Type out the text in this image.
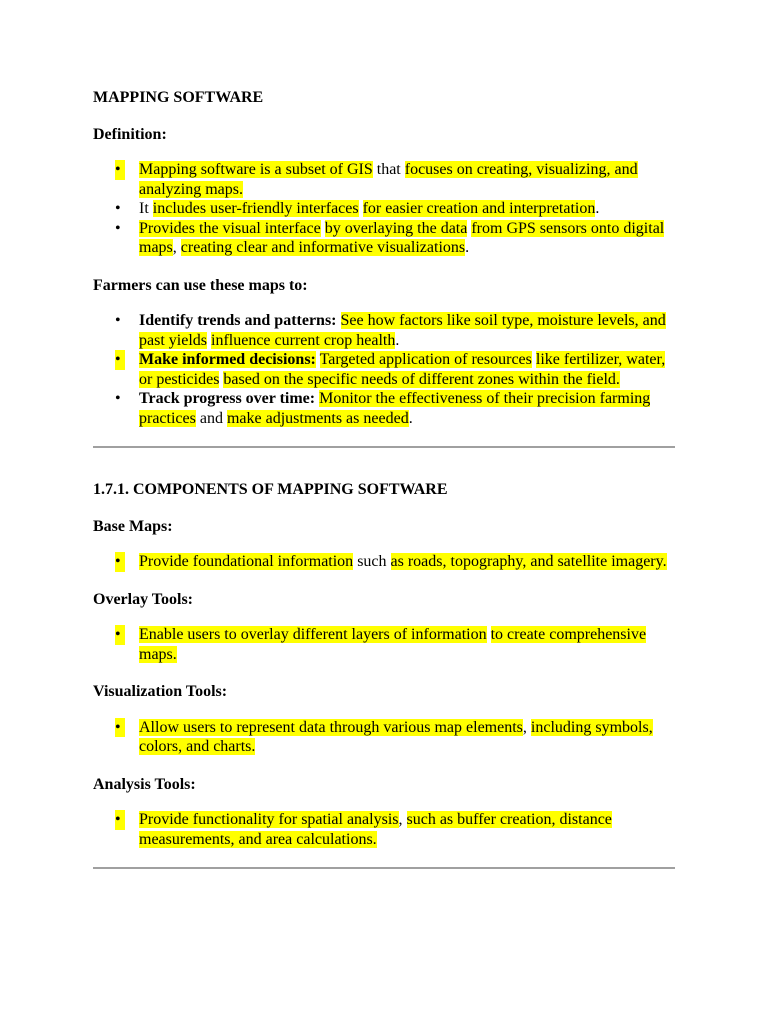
MAPPING SOFTWARE
Definition:
• Mapping software is a subset of GIS that focuses on creating, visualizing, and analyzing maps.
• It includes user-friendly interfaces for easier creation and interpretation.
• Provides the visual interface by overlaying the data from GPS sensors onto digital maps, creating clear and informative visualizations.
Farmers can use these maps to:
• Identify trends and patterns: See how factors like soil type, moisture levels, and past yields influence current crop health.
• Make informed decisions: Targeted application of resources like fertilizer, water, or pesticides based on the specific needs of different zones within the field.
• Track progress over time: Monitor the effectiveness of their precision farming practices and make adjustments as needed.
1.7.1. COMPONENTS OF MAPPING SOFTWARE
Base Maps:
• Provide foundational information such as roads, topography, and satellite imagery.
Overlay Tools:
• Enable users to overlay different layers of information to create comprehensive maps.
Visualization Tools:
• Allow users to represent data through various map elements, including symbols, colors, and charts.
Analysis Tools:
• Provide functionality for spatial analysis, such as buffer creation, distance measurements, and area calculations.
